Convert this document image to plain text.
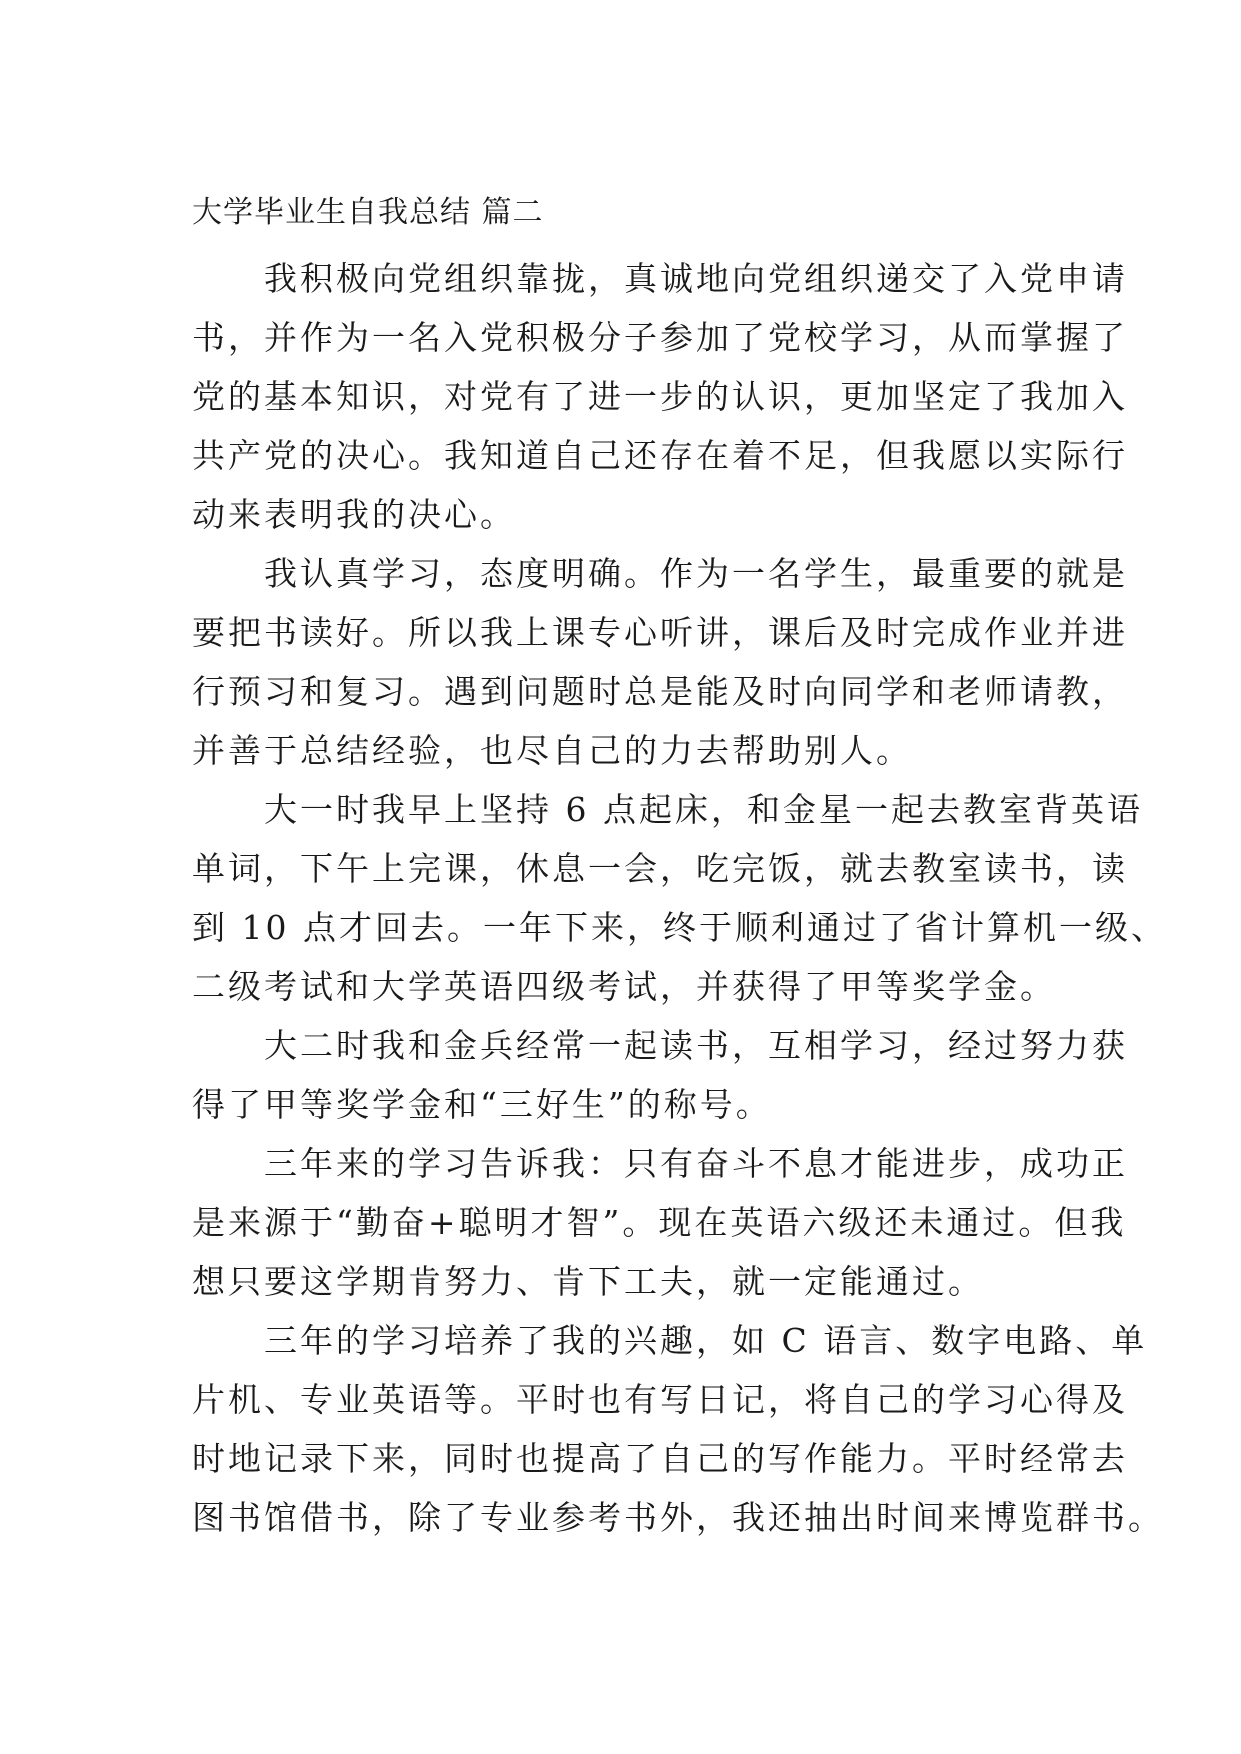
大学毕业生自我总结 篇二
　　我积极向党组织靠拢，真诚地向党组织递交了入党申请
书，并作为一名入党积极分子参加了党校学习，从而掌握了
党的基本知识，对党有了进一步的认识，更加坚定了我加入
共产党的决心。我知道自己还存在着不足，但我愿以实际行
动来表明我的决心。
　　我认真学习，态度明确。作为一名学生，最重要的就是
要把书读好。所以我上课专心听讲，课后及时完成作业并进
行预习和复习。遇到问题时总是能及时向同学和老师请教，
并善于总结经验，也尽自己的力去帮助别人。
　　大一时我早上坚持 6 点起床，和金星一起去教室背英语
单词，下午上完课，休息一会，吃完饭，就去教室读书，读
到 10 点才回去。一年下来，终于顺利通过了省计算机一级、
二级考试和大学英语四级考试，并获得了甲等奖学金。
　　大二时我和金兵经常一起读书，互相学习，经过努力获
得了甲等奖学金和“三好生”的称号。
　　三年来的学习告诉我：只有奋斗不息才能进步，成功正
是来源于“勤奋+聪明才智”。现在英语六级还未通过。但我
想只要这学期肯努力、肯下工夫，就一定能通过。
　　三年的学习培养了我的兴趣，如 C 语言、数字电路、单
片机、专业英语等。平时也有写日记，将自己的学习心得及
时地记录下来，同时也提高了自己的写作能力。平时经常去
图书馆借书，除了专业参考书外，我还抽出时间来博览群书。
